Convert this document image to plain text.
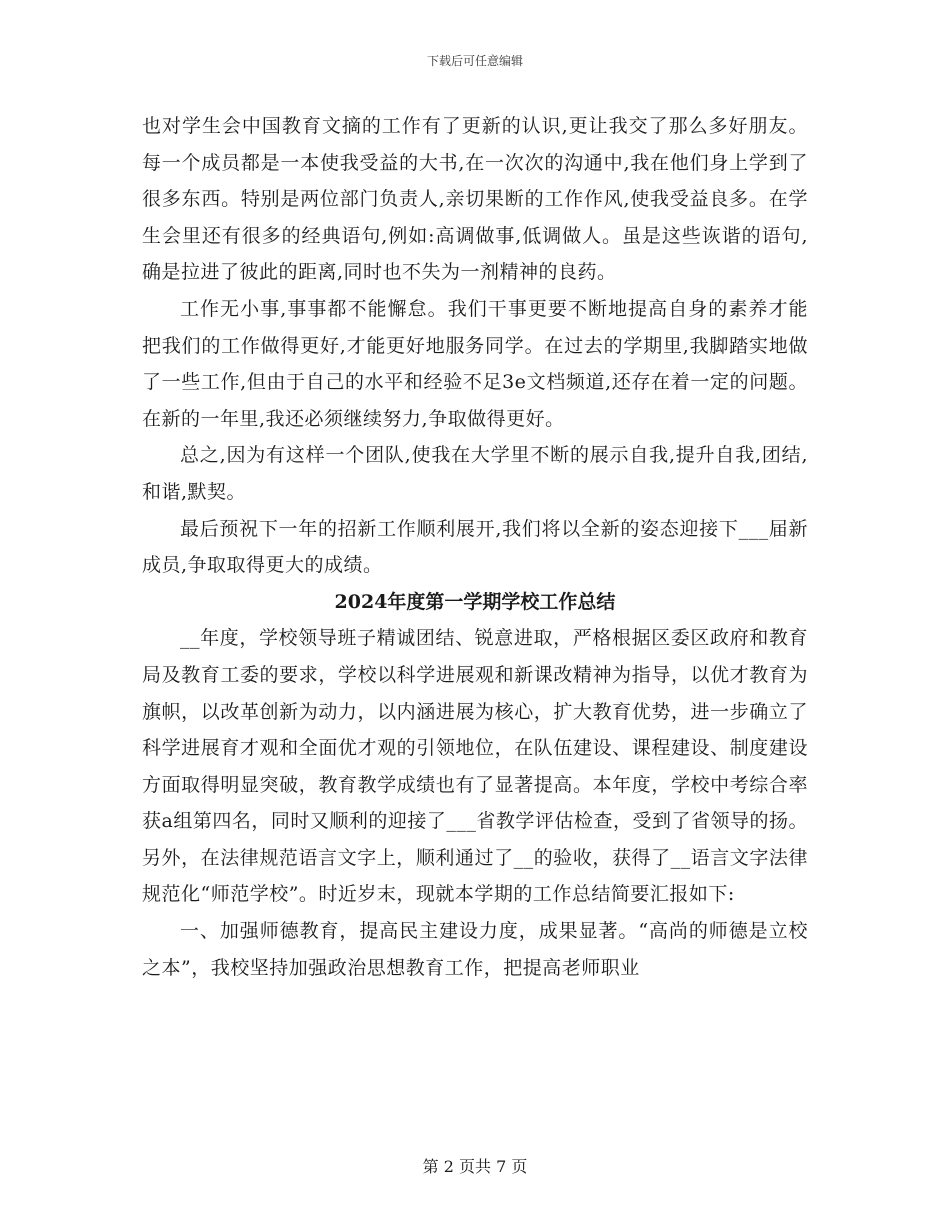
下载后可任意编辑

也对学生会中国教育文摘的工作有了更新的认识,更让我交了那么多好朋友。每一个成员都是一本使我受益的大书,在一次次的沟通中,我在他们身上学到了很多东西。特别是两位部门负责人,亲切果断的工作作风,使我受益良多。在学生会里还有很多的经典语句,例如:高调做事,低调做人。虽是这些诙谐的语句,确是拉进了彼此的距离,同时也不失为一剂精神的良药。

工作无小事,事事都不能懈怠。我们干事更要不断地提高自身的素养才能把我们的工作做得更好,才能更好地服务同学。在过去的学期里,我脚踏实地做了一些工作,但由于自己的水平和经验不足3e文档频道,还存在着一定的问题。在新的一年里,我还必须继续努力,争取做得更好。

总之,因为有这样一个团队,使我在大学里不断的展示自我,提升自我,团结,和谐,默契。

最后预祝下一年的招新工作顺利展开,我们将以全新的姿态迎接下___届新成员,争取取得更大的成绩。

2024年度第一学期学校工作总结

__年度，学校领导班子精诚团结、锐意进取，严格根据区委区政府和教育局及教育工委的要求，学校以科学进展观和新课改精神为指导，以优才教育为旗帜，以改革创新为动力，以内涵进展为核心，扩大教育优势，进一步确立了科学进展育才观和全面优才观的引领地位，在队伍建设、课程建设、制度建设方面取得明显突破，教育教学成绩也有了显著提高。本年度，学校中考综合率获a组第四名，同时又顺利的迎接了___省教学评估检查，受到了省领导的扬。另外，在法律规范语言文字上，顺利通过了__的验收，获得了__语言文字法律规范化“师范学校”。时近岁末，现就本学期的工作总结简要汇报如下:

一、加强师德教育，提高民主建设力度，成果显著。“高尚的师德是立校之本”，我校坚持加强政治思想教育工作，把提高老师职业

第 2 页共 7 页
